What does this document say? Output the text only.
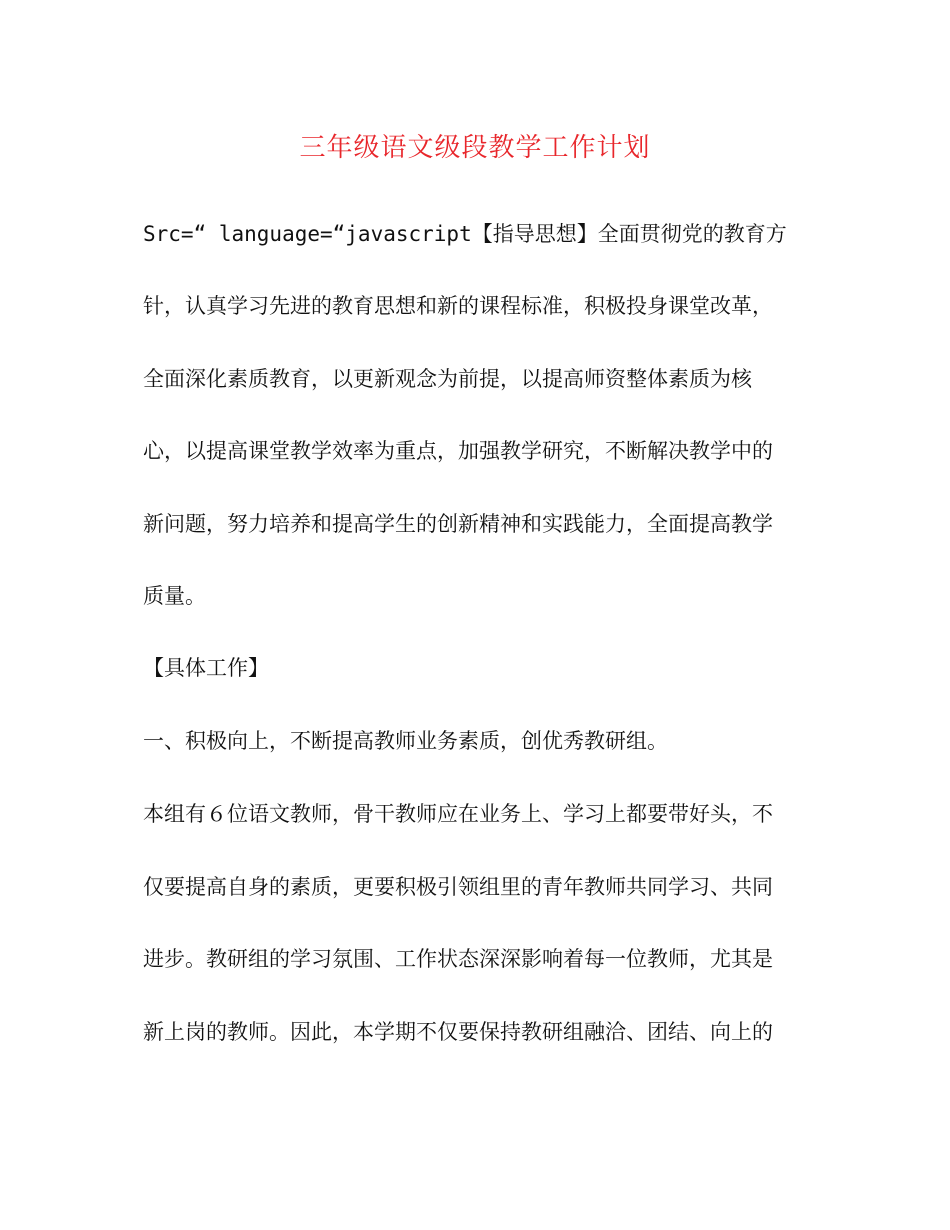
三年级语文级段教学工作计划
Src=“ language=“javascript【指导思想】全面贯彻党的教育方
针，认真学习先进的教育思想和新的课程标准，积极投身课堂改革，
全面深化素质教育，以更新观念为前提，以提高师资整体素质为核
心，以提高课堂教学效率为重点，加强教学研究，不断解决教学中的
新问题，努力培养和提高学生的创新精神和实践能力，全面提高教学
质量。
【具体工作】
一、积极向上，不断提高教师业务素质，创优秀教研组。
本组有６位语文教师，骨干教师应在业务上、学习上都要带好头，不
仅要提高自身的素质，更要积极引领组里的青年教师共同学习、共同
进步。教研组的学习氛围、工作状态深深影响着每一位教师，尤其是
新上岗的教师。因此，本学期不仅要保持教研组融洽、团结、向上的
